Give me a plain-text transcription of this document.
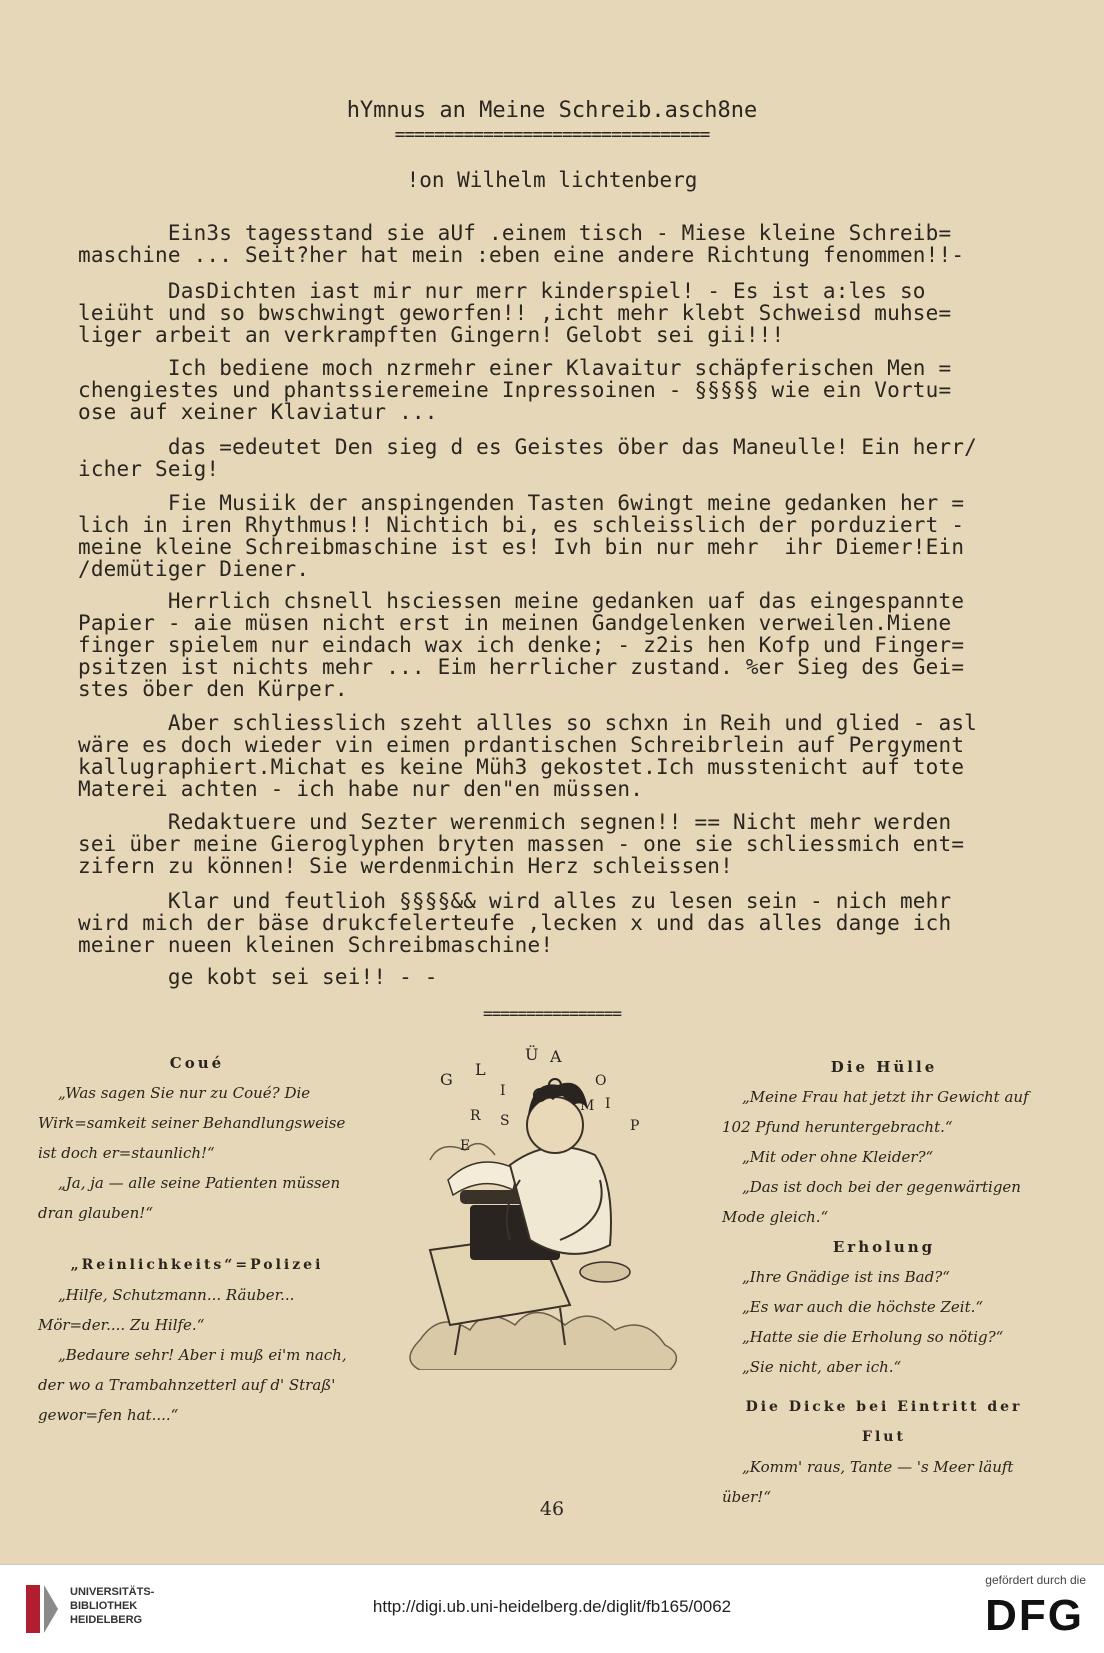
hYmnus an Meine Schreib.asch8ne
================================
!on Wilhelm lichtenberg
Ein3s tagesstand sie aUf .einem tisch - Miese kleine Schreib=
maschine ... Seit?her hat mein :eben eine andere Richtung fenommen!!-
DasDichten iast mir nur merr kinderspiel! - Es ist a:les so
leiüht und so bwschwingt geworfen!! ,icht mehr klebt Schweisd muhse=
liger arbeit an verkrampften Gingern! Gelobt sei gii!!!
Ich bediene moch nzrmehr einer Klavaitur schäpferischen Men =
chengiestes und phantssieremeine Inpressoinen - §§§§§ wie ein Vortu=
ose auf xeiner Klaviatur ...
das =edeutet Den sieg d es Geistes öber das Maneulle! Ein herr/
icher Seig!
Fie Musiik der anspingenden Tasten 6wingt meine gedanken her =
lich in iren Rhythmus!! Nichtich bi, es schleisslich der porduziert -
meine kleine Schreibmaschine ist es! Ivh bin nur mehr  ihr Diemer!Ein
/demütiger Diener.
Herrlich chsnell hsciessen meine gedanken uaf das eingespannte
Papier - aie müsen nicht erst in meinen Gandgelenken verweilen.Miene
finger spielem nur eindach wax ich denke; - z2is hen Kofp und Finger=
psitzen ist nichts mehr ... Eim herrlicher zustand. %er Sieg des Gei=
stes öber den Kürper.
Aber schliesslich szeht allles so schxn in Reih und glied - asl
wäre es doch wieder vin eimen prdantischen Schreibrlein auf Pergyment
kallugraphiert.Michat es keine Müh3 gekostet.Ich musstenicht auf tote
Materei achten - ich habe nur den"en müssen.
Redaktuere und Sezter werenmich segnen!! == Nicht mehr werden
sei über meine Gieroglyphen bryten massen - one sie schliessmich ent=
zifern zu können! Sie werdenmichin Herz schleissen!
Klar und feutlioh §§§§&& wird alles zu lesen sein - nich mehr
wird mich der bäse drukcfelerteufe ,lecken x und das alles dange ich
meiner nueen kleinen Schreibmaschine!
ge kobt sei sei!! - -
================
Coué
„Was sagen Sie nur zu Coué? Die Wirk=samkeit seiner Behandlungsweise ist doch er=staunlich!“
„Ja, ja — alle seine Patienten müssen dran glauben!“
„Reinlichkeits“=Polizei
„Hilfe, Schutzmann... Räuber... Mör=der.... Zu Hilfe.“
„Bedaure sehr! Aber i muß ei'm nach, der wo a Trambahnzetterl auf d' Straß' gewor=fen hat....“
G
L
Ü A
I
R S
O
I
M
P
E
Die Hülle
„Meine Frau hat jetzt ihr Gewicht auf 102 Pfund heruntergebracht.“
„Mit oder ohne Kleider?“
„Das ist doch bei der gegenwärtigen Mode gleich.“
Erholung
„Ihre Gnädige ist ins Bad?“
„Es war auch die höchste Zeit.“
„Hatte sie die Erholung so nötig?“
„Sie nicht, aber ich.“
Die Dicke bei Eintritt der Flut
„Komm' raus, Tante — 's Meer läuft über!“
46
UNIVERSITÄTS-
BIBLIOTHEK
HEIDELBERG
http://digi.ub.uni-heidelberg.de/diglit/fb165/0062
gefördert durch die
DFG
